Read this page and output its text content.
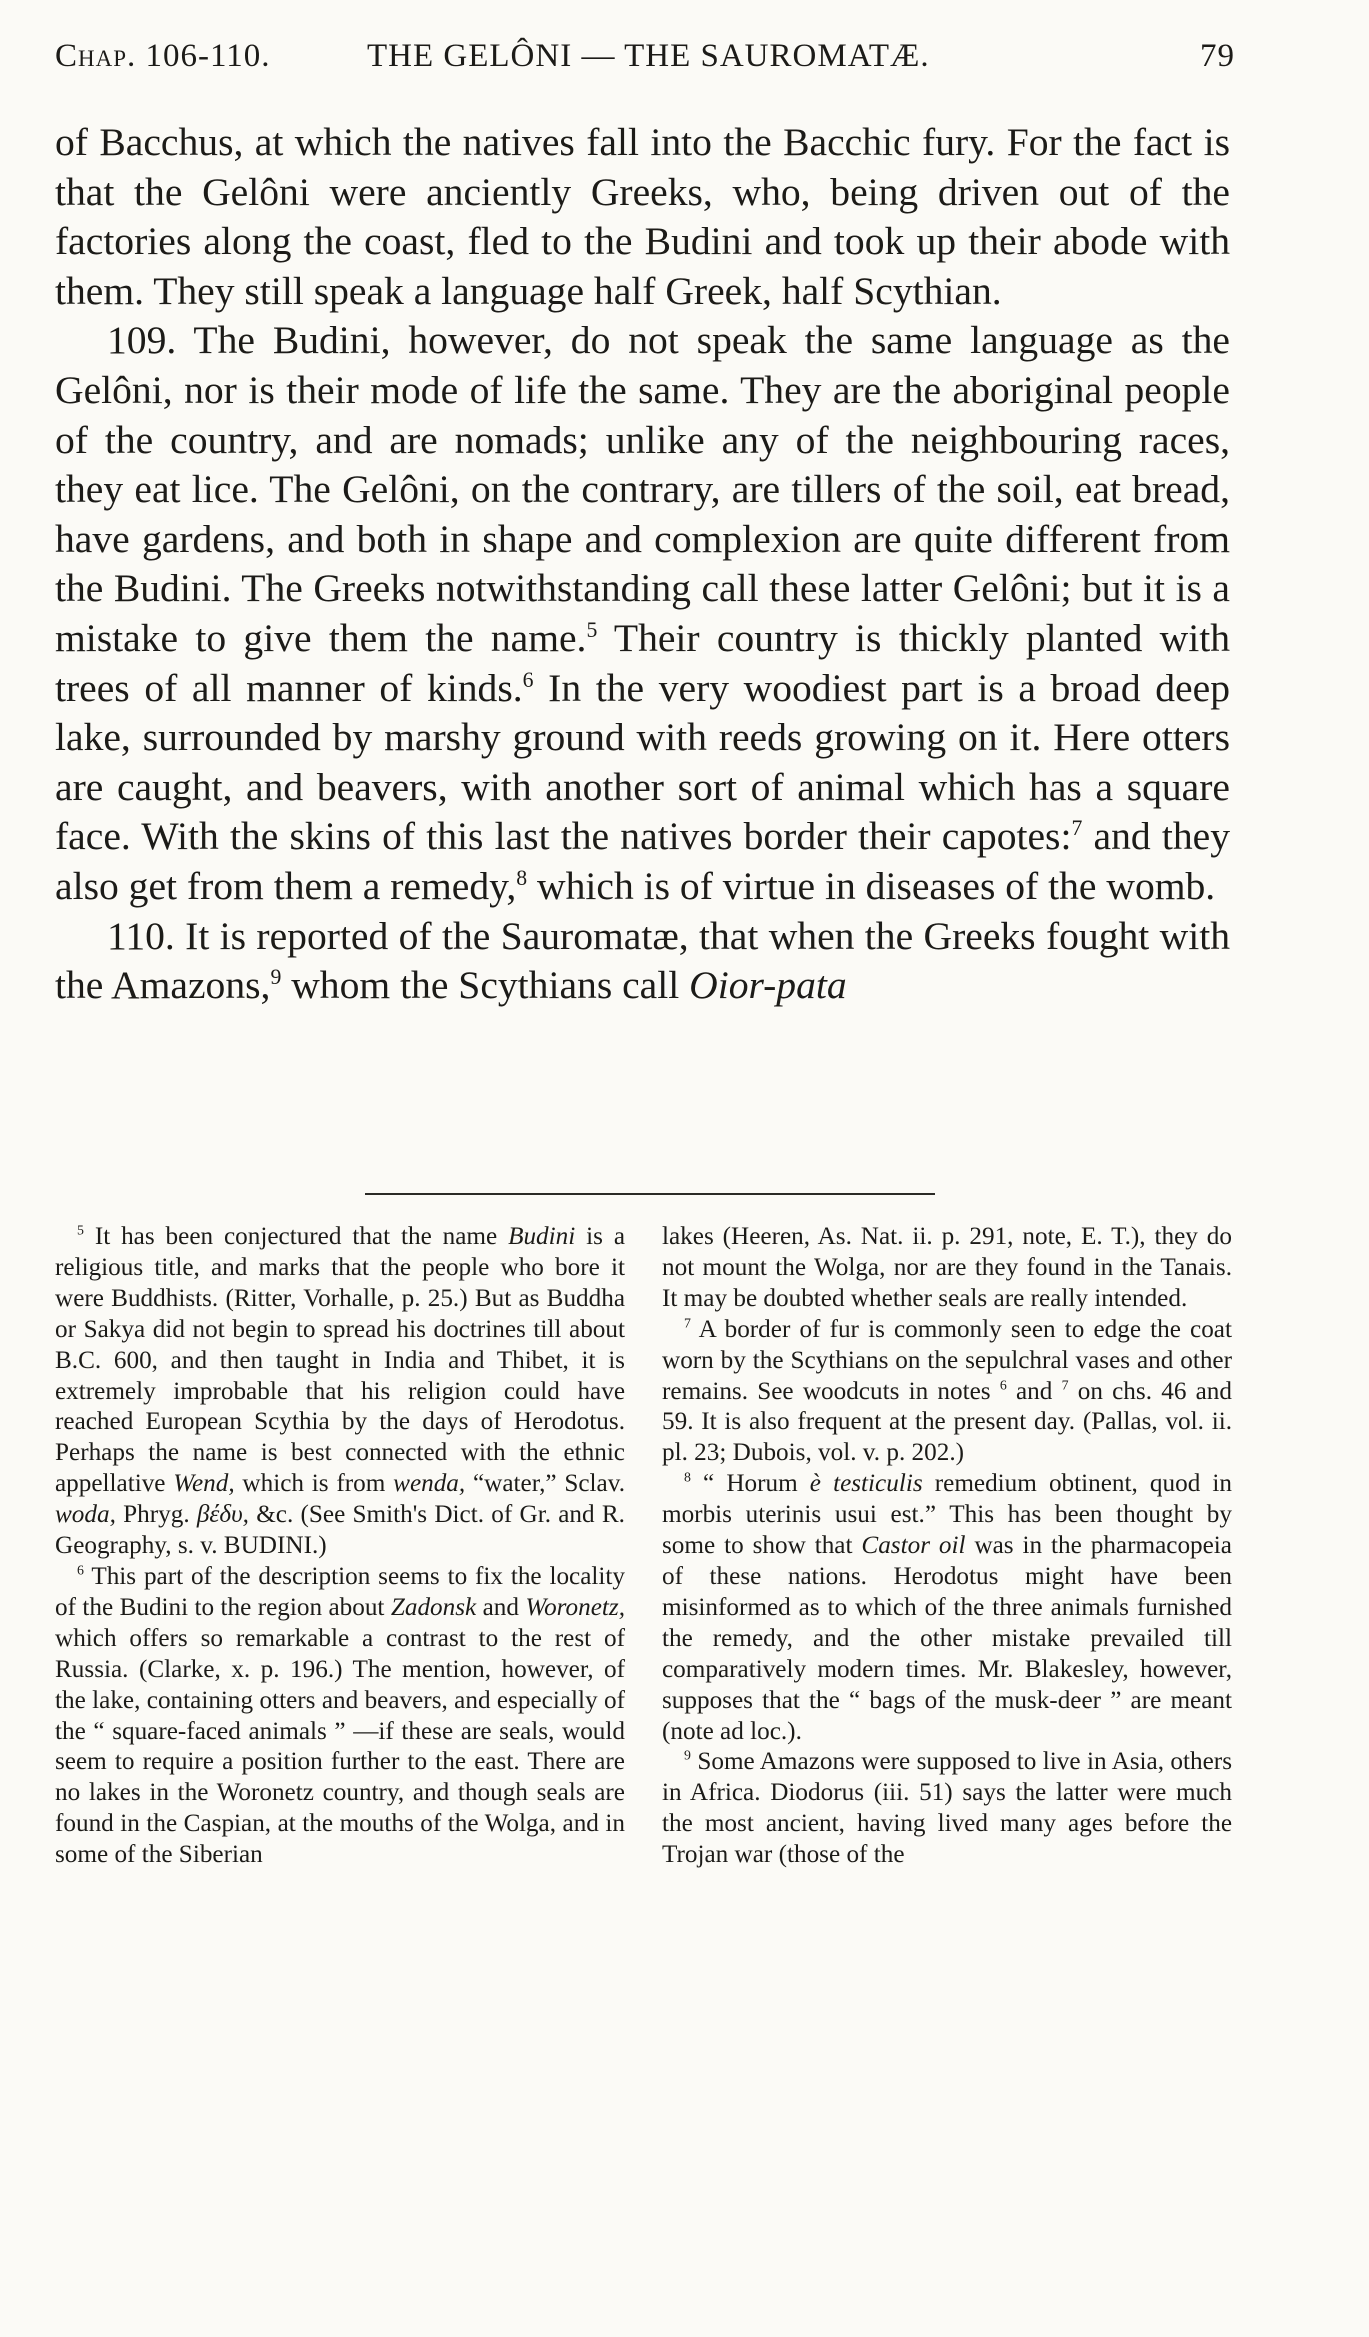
Chap. 106-110.	THE GELÔNI — THE SAUROMATÆ.	79

of Bacchus, at which the natives fall into the Bacchic fury. For the fact is that the Gelôni were anciently Greeks, who, being driven out of the factories along the coast, fled to the Budini and took up their abode with them. They still speak a language half Greek, half Scythian.

109. The Budini, however, do not speak the same language as the Gelôni, nor is their mode of life the same. They are the aboriginal people of the country, and are nomads; unlike any of the neighbouring races, they eat lice. The Gelôni, on the contrary, are tillers of the soil, eat bread, have gardens, and both in shape and complexion are quite different from the Budini. The Greeks notwithstanding call these latter Gelôni; but it is a mistake to give them the name.$^5$ Their country is thickly planted with trees of all manner of kinds.$^6$ In the very woodiest part is a broad deep lake, surrounded by marshy ground with reeds growing on it. Here otters are caught, and beavers, with another sort of animal which has a square face. With the skins of this last the natives border their capotes:$^7$ and they also get from them a remedy,$^8$ which is of virtue in diseases of the womb.

110. It is reported of the Sauromatæ, that when the Greeks fought with the Amazons,$^9$ whom the Scythians call Oior-pata

$^5$ It has been conjectured that the name Budini is a religious title, and marks that the people who bore it were Buddhists. (Ritter, Vorhalle, p. 25.) But as Buddha or Sakya did not begin to spread his doctrines till about B.C. 600, and then taught in India and Thibet, it is extremely improbable that his religion could have reached European Scythia by the days of Herodotus. Perhaps the name is best connected with the ethnic appellative Wend, which is from wenda, “water,” Sclav. woda, Phryg. βέδυ, &c. (See Smith's Dict. of Gr. and R. Geography, s. v. BUDINI.)

$^6$ This part of the description seems to fix the locality of the Budini to the region about Zadonsk and Woronetz, which offers so remarkable a contrast to the rest of Russia. (Clarke, x. p. 196.) The mention, however, of the lake, containing otters and beavers, and especially of the “ square-faced animals ” —if these are seals, would seem to require a position further to the east. There are no lakes in the Woronetz country, and though seals are found in the Caspian, at the mouths of the Wolga, and in some of the Siberian

lakes (Heeren, As. Nat. ii. p. 291, note, E. T.), they do not mount the Wolga, nor are they found in the Tanais. It may be doubted whether seals are really intended.

$^7$ A border of fur is commonly seen to edge the coat worn by the Scythians on the sepulchral vases and other remains. See woodcuts in notes $^6$ and $^7$ on chs. 46 and 59. It is also frequent at the present day. (Pallas, vol. ii. pl. 23; Dubois, vol. v. p. 202.)

$^8$ “ Horum è testiculis remedium obtinent, quod in morbis uterinis usui est.” This has been thought by some to show that Castor oil was in the pharmacopeia of these nations. Herodotus might have been misinformed as to which of the three animals furnished the remedy, and the other mistake prevailed till comparatively modern times. Mr. Blakesley, however, supposes that the “ bags of the musk-deer ” are meant (note ad loc.).

$^9$ Some Amazons were supposed to live in Asia, others in Africa. Diodorus (iii. 51) says the latter were much the most ancient, having lived many ages before the Trojan war (those of the
